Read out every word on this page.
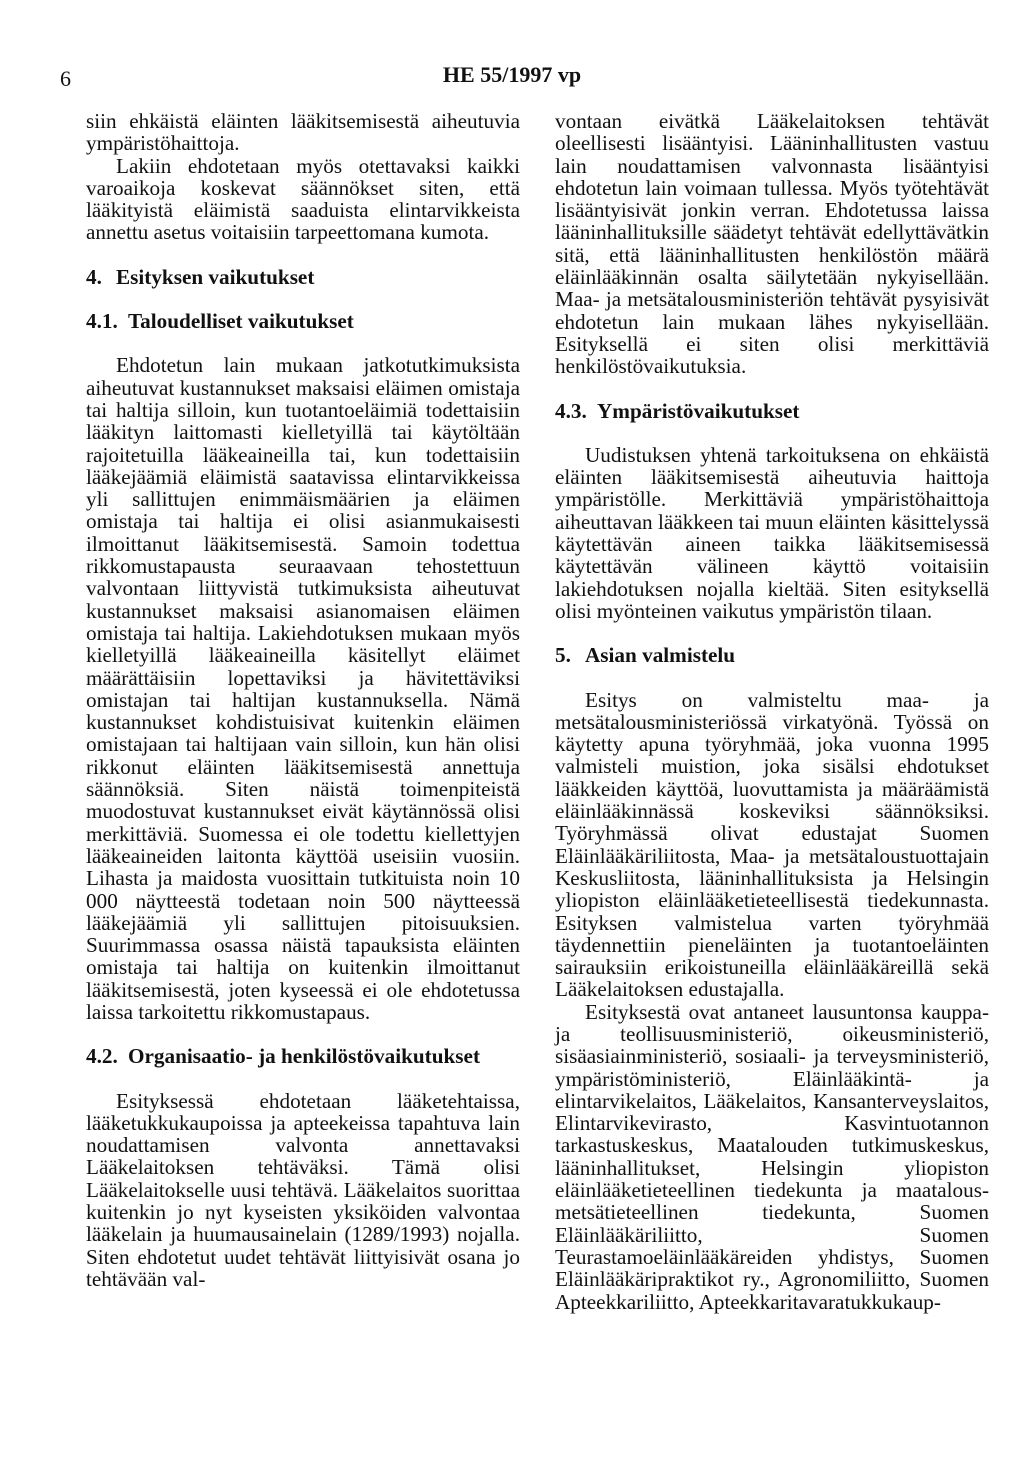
6	HE 55/1997 vp

siin ehkäistä eläinten lääkitsemisestä aiheutuvia ympäristöhaittoja.

Lakiin ehdotetaan myös otettavaksi kaikki varoaikoja koskevat säännökset siten, että lääkityistä eläimistä saaduista elintarvikkeista annettu asetus voitaisiin tarpeettomana kumota.

4. Esityksen vaikutukset
4.1. Taloudelliset vaikutukset

Ehdotetun lain mukaan jatkotutkimuksista aiheutuvat kustannukset maksaisi eläimen omistaja tai haltija silloin, kun tuotantoeläimiä todettaisiin lääkityn laittomasti kielletyillä tai käytöltään rajoitetuilla lääkeaineilla tai, kun todettaisiin lääkejäämiä eläimistä saatavissa elintarvikkeissa yli sallittujen enimmäismäärien ja eläimen omistaja tai haltija ei olisi asianmukaisesti ilmoittanut lääkitsemisestä. Samoin todettua rikkomustapausta seuraavaan tehostettuun valvontaan liittyvistä tutkimuksista aiheutuvat kustannukset maksaisi asianomaisen eläimen omistaja tai haltija. Lakiehdotuksen mukaan myös kielletyillä lääkeaineilla käsitellyt eläimet määrättäisiin lopettaviksi ja hävitettäviksi omistajan tai haltijan kustannuksella. Nämä kustannukset kohdistuisivat kuitenkin eläimen omistajaan tai haltijaan vain silloin, kun hän olisi rikkonut eläinten lääkitsemisestä annettuja säännöksiä. Siten näistä toimenpiteistä muodostuvat kustannukset eivät käytännössä olisi merkittäviä. Suomessa ei ole todettu kiellettyjen lääkeaineiden laitonta käyttöä useisiin vuosiin. Lihasta ja maidosta vuosittain tutkituista noin 10 000 näytteestä todetaan noin 500 näytteessä lääkejäämiä yli sallittujen pitoisuuksien. Suurimmassa osassa näistä tapauksista eläinten omistaja tai haltija on kuitenkin ilmoittanut lääkitsemisestä, joten kyseessä ei ole ehdotetussa laissa tarkoitettu rikkomustapaus.

4.2. Organisaatio- ja henkilöstövaikutukset

Esityksessä ehdotetaan lääketehtaissa, lääketukkukaupoissa ja apteekeissa tapahtuva lain noudattamisen valvonta annettavaksi Lääkelaitoksen tehtäväksi. Tämä olisi Lääkelaitokselle uusi tehtävä. Lääkelaitos suorittaa kuitenkin jo nyt kyseisten yksiköiden valvontaa lääkelain ja huumausainelain (1289/1993) nojalla. Siten ehdotetut uudet tehtävät liittyisivät osana jo tehtävään val-

vontaan eivätkä Lääkelaitoksen tehtävät oleellisesti lisääntyisi. Lääninhallitusten vastuu lain noudattamisen valvonnasta lisääntyisi ehdotetun lain voimaan tullessa. Myös työtehtävät lisääntyisivät jonkin verran. Ehdotetussa laissa lääninhallituksille säädetyt tehtävät edellyttävätkin sitä, että lääninhallitusten henkilöstön määrä eläinlääkinnän osalta säilytetään nykyisellään. Maa- ja metsätalousministeriön tehtävät pysyisivät ehdotetun lain mukaan lähes nykyisellään. Esityksellä ei siten olisi merkittäviä henkilöstövaikutuksia.

4.3. Ympäristövaikutukset

Uudistuksen yhtenä tarkoituksena on ehkäistä eläinten lääkitsemisestä aiheutuvia haittoja ympäristölle. Merkittäviä ympäristöhaittoja aiheuttavan lääkkeen tai muun eläinten käsittelyssä käytettävän aineen taikka lääkitsemisessä käytettävän välineen käyttö voitaisiin lakiehdotuksen nojalla kieltää. Siten esityksellä olisi myönteinen vaikutus ympäristön tilaan.

5. Asian valmistelu

Esitys on valmisteltu maa- ja metsätalousministeriössä virkatyönä. Työssä on käytetty apuna työryhmää, joka vuonna 1995 valmisteli muistion, joka sisälsi ehdotukset lääkkeiden käyttöä, luovuttamista ja määräämistä eläinlääkinnässä koskeviksi säännöksiksi. Työryhmässä olivat edustajat Suomen Eläinlääkäriliitosta, Maa- ja metsätaloustuottajain Keskusliitosta, lääninhallituksista ja Helsingin yliopiston eläinlääketieteellisestä tiedekunnasta. Esityksen valmistelua varten työryhmää täydennettiin pieneläinten ja tuotantoeläinten sairauksiin erikoistuneilla eläinlääkäreillä sekä Lääkelaitoksen edustajalla.

Esityksestä ovat antaneet lausuntonsa kauppa- ja teollisuusministeriö, oikeusministeriö, sisäasiainministeriö, sosiaali- ja terveysministeriö, ympäristöministeriö, Eläinlääkintä- ja elintarvikelaitos, Lääkelaitos, Kansanterveyslaitos, Elintarvikevirasto, Kasvintuotannon tarkastuskeskus, Maatalouden tutkimuskeskus, lääninhallitukset, Helsingin yliopiston eläinlääketieteellinen tiedekunta ja maatalous-metsätieteellinen tiedekunta, Suomen Eläinlääkäriliitto, Suomen Teurastamoeläinlääkäreiden yhdistys, Suomen Eläinlääkäripraktikot ry., Agronomiliitto, Suomen Apteekkariliitto, Apteekkaritavaratukkukaup-
